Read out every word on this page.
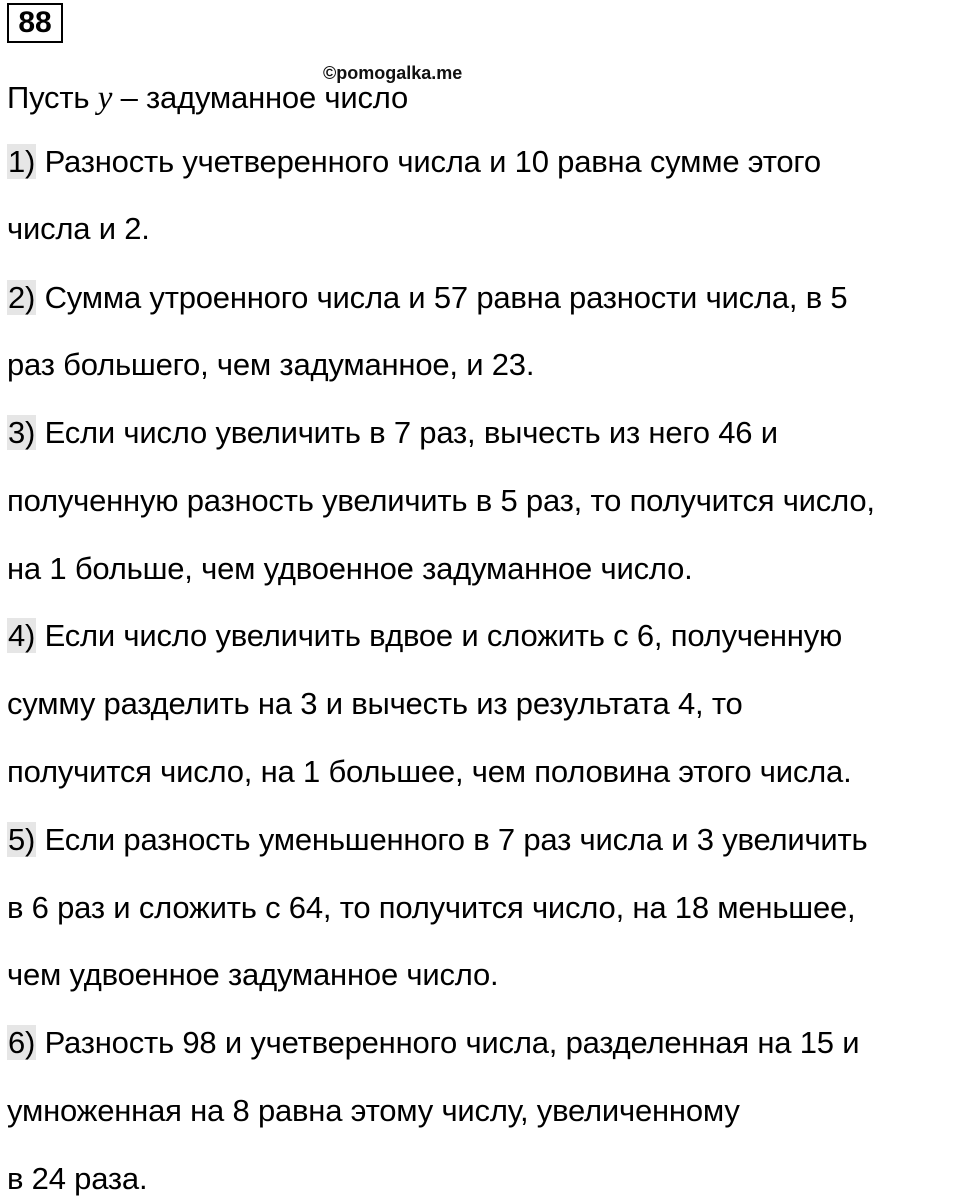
88
©pomogalka.me
Пусть y – задуманное число
1) Разность учетверенного числа и 10 равна сумме этого
числа и 2.
2) Сумма утроенного числа и 57 равна разности числа, в 5
раз большего, чем задуманное, и 23.
3) Если число увеличить в 7 раз, вычесть из него 46 и
полученную разность увеличить в 5 раз, то получится число,
на 1 больше, чем удвоенное задуманное число.
4) Если число увеличить вдвое и сложить с 6, полученную
сумму разделить на 3 и вычесть из результата 4, то
получится число, на 1 большее, чем половина этого числа.
5) Если разность уменьшенного в 7 раз числа и 3 увеличить
в 6 раз и сложить с 64, то получится число, на 18 меньшее,
чем удвоенное задуманное число.
6) Разность 98 и учетверенного числа, разделенная на 15 и
умноженная на 8 равна этому числу, увеличенному
в 24 раза.
